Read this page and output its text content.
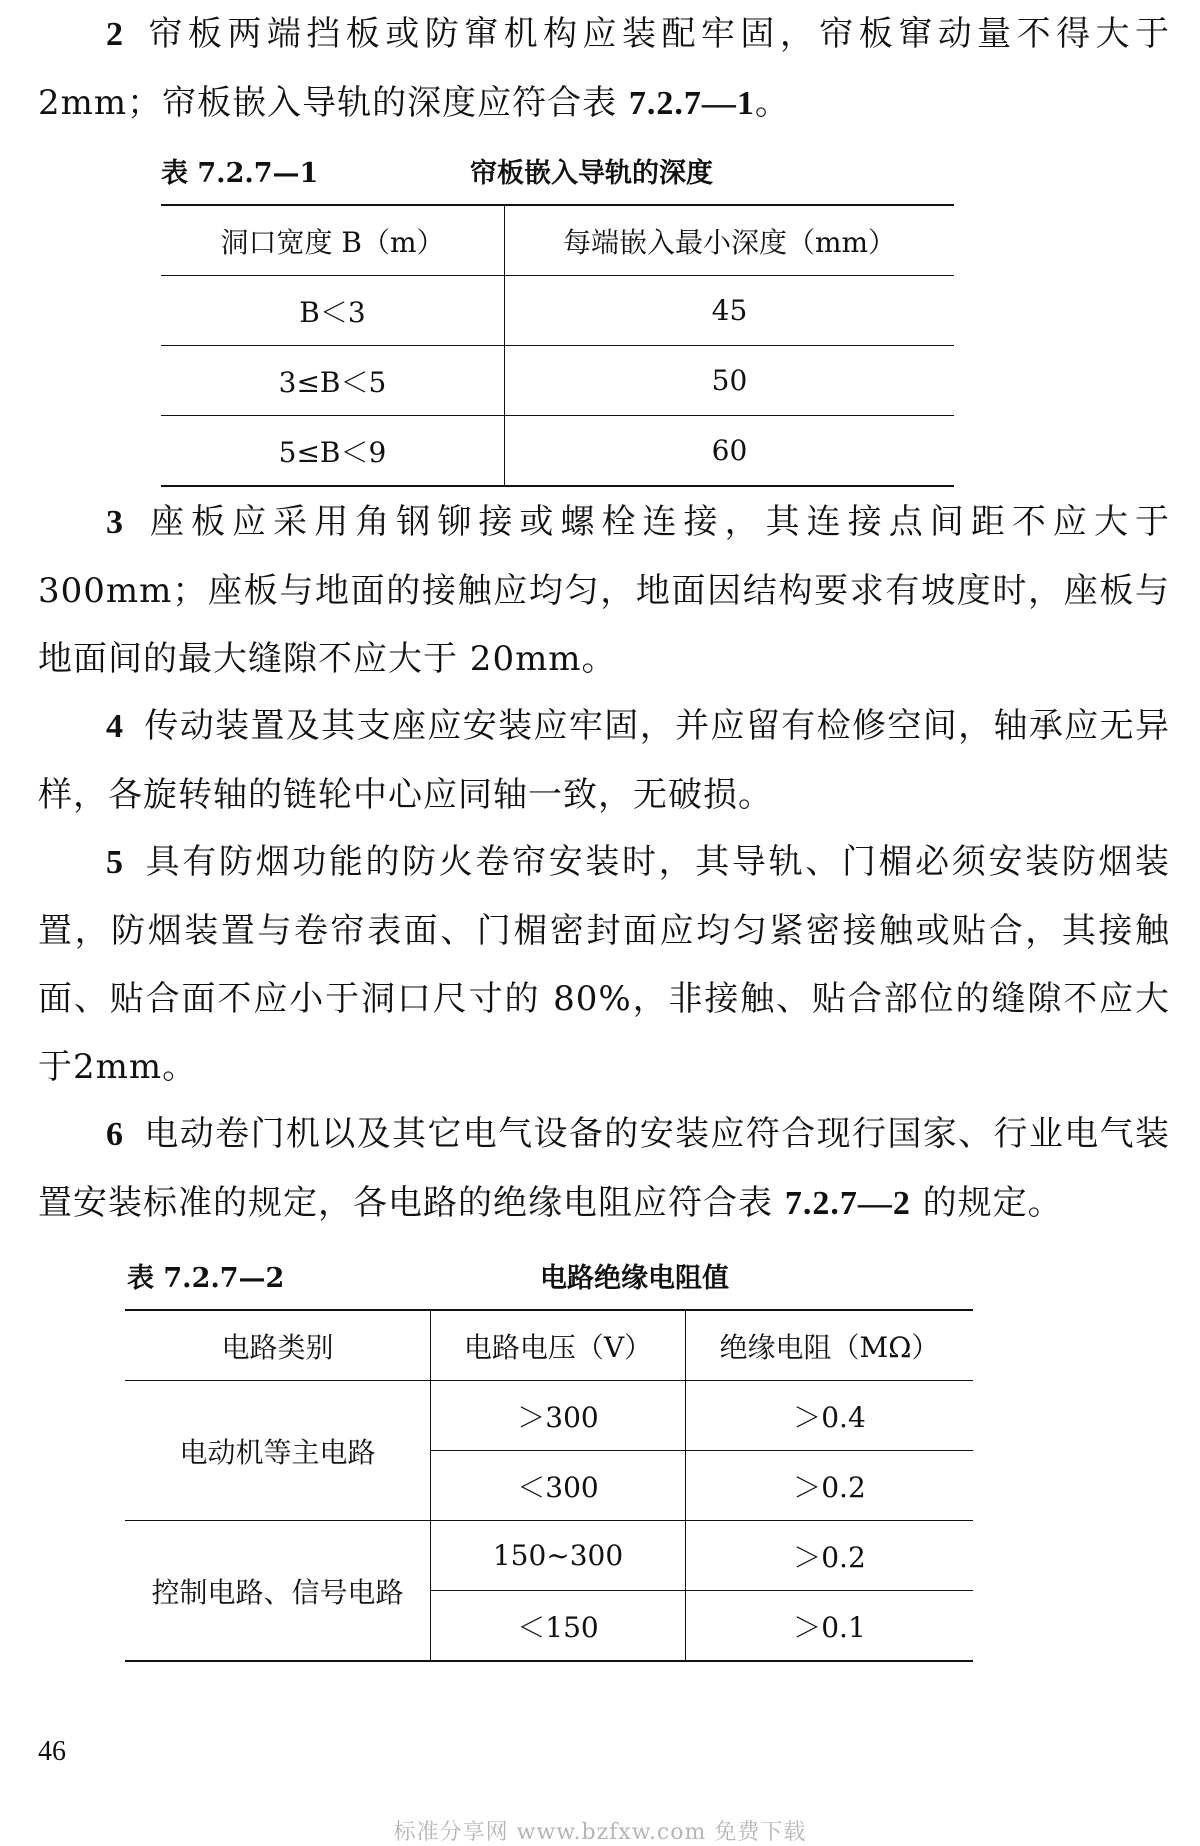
2 帘板两端挡板或防窜机构应装配牢固，帘板窜动量不得大于2mm；帘板嵌入导轨的深度应符合表 7.2.7—1。
表 7.2.7—1	帘板嵌入导轨的深度
洞口宽度 B（m）	每端嵌入最小深度（mm）
B＜3	45
3≤B＜5	50
5≤B＜9	60
3 座板应采用角钢铆接或螺栓连接，其连接点间距不应大于300mm；座板与地面的接触应均匀，地面因结构要求有坡度时，座板与地面间的最大缝隙不应大于 20mm。
4 传动装置及其支座应安装应牢固，并应留有检修空间，轴承应无异样，各旋转轴的链轮中心应同轴一致，无破损。
5 具有防烟功能的防火卷帘安装时，其导轨、门楣必须安装防烟装置，防烟装置与卷帘表面、门楣密封面应均匀紧密接触或贴合，其接触面、贴合面不应小于洞口尺寸的 80%，非接触、贴合部位的缝隙不应大于2mm。
6 电动卷门机以及其它电气设备的安装应符合现行国家、行业电气装置安装标准的规定，各电路的绝缘电阻应符合表 7.2.7—2 的规定。
表 7.2.7—2	电路绝缘电阻值
电路类别	电路电压（V）	绝缘电阻（MΩ）
电动机等主电路	＞300	＞0.4
	＜300	＞0.2
控制电路、信号电路	150~300	＞0.2
	＜150	＞0.1
46
标准分享网 www.bzfxw.com 免费下载
